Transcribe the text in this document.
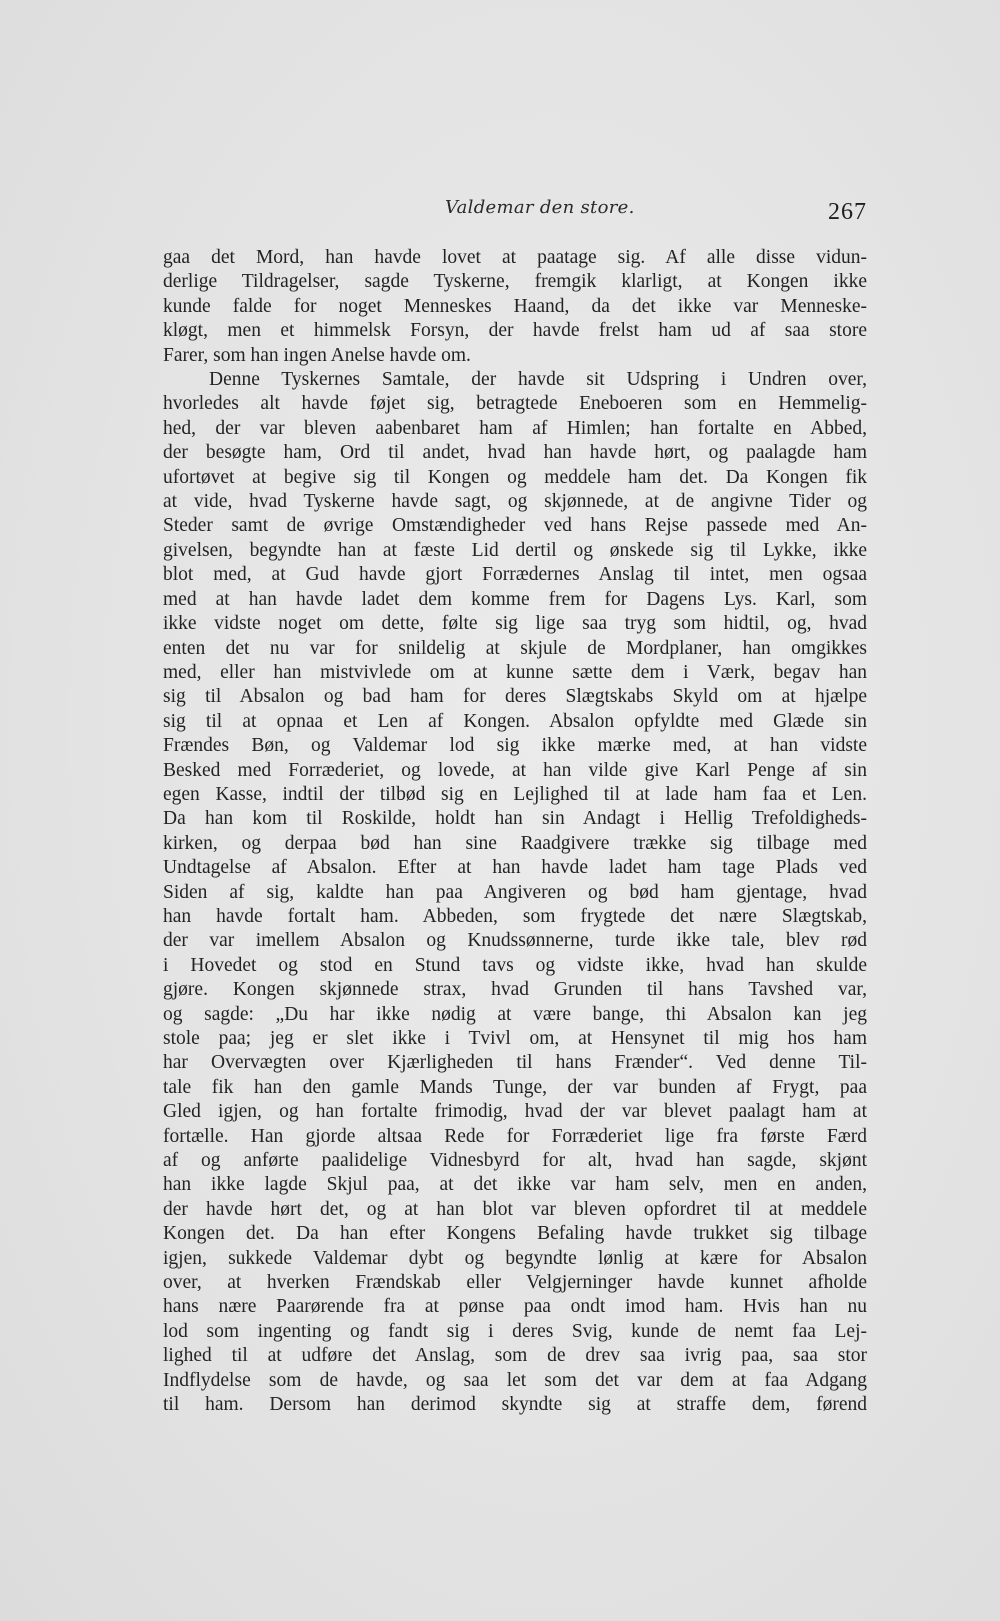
Valdemar den store.	267
gaa det Mord, han havde lovet at paatage sig. Af alle disse vidun-
derlige Tildragelser, sagde Tyskerne, fremgik klarligt, at Kongen ikke
kunde falde for noget Menneskes Haand, da det ikke var Menneske-
kløgt, men et himmelsk Forsyn, der havde frelst ham ud af saa store
Farer, som han ingen Anelse havde om.
Denne Tyskernes Samtale, der havde sit Udspring i Undren over,
hvorledes alt havde føjet sig, betragtede Eneboeren som en Hemmelig-
hed, der var bleven aabenbaret ham af Himlen; han fortalte en Abbed,
der besøgte ham, Ord til andet, hvad han havde hørt, og paalagde ham
ufortøvet at begive sig til Kongen og meddele ham det. Da Kongen fik
at vide, hvad Tyskerne havde sagt, og skjønnede, at de angivne Tider og
Steder samt de øvrige Omstændigheder ved hans Rejse passede med An-
givelsen, begyndte han at fæste Lid dertil og ønskede sig til Lykke, ikke
blot med, at Gud havde gjort Forrædernes Anslag til intet, men ogsaa
med at han havde ladet dem komme frem for Dagens Lys. Karl, som
ikke vidste noget om dette, følte sig lige saa tryg som hidtil, og, hvad
enten det nu var for snildelig at skjule de Mordplaner, han omgikkes
med, eller han mistvivlede om at kunne sætte dem i Værk, begav han
sig til Absalon og bad ham for deres Slægtskabs Skyld om at hjælpe
sig til at opnaa et Len af Kongen. Absalon opfyldte med Glæde sin
Frændes Bøn, og Valdemar lod sig ikke mærke med, at han vidste
Besked med Forræderiet, og lovede, at han vilde give Karl Penge af sin
egen Kasse, indtil der tilbød sig en Lejlighed til at lade ham faa et Len.
Da han kom til Roskilde, holdt han sin Andagt i Hellig Trefoldigheds-
kirken, og derpaa bød han sine Raadgivere trække sig tilbage med
Undtagelse af Absalon. Efter at han havde ladet ham tage Plads ved
Siden af sig, kaldte han paa Angiveren og bød ham gjentage, hvad
han havde fortalt ham. Abbeden, som frygtede det nære Slægtskab,
der var imellem Absalon og Knudssønnerne, turde ikke tale, blev rød
i Hovedet og stod en Stund tavs og vidste ikke, hvad han skulde
gjøre. Kongen skjønnede strax, hvad Grunden til hans Tavshed var,
og sagde: „Du har ikke nødig at være bange, thi Absalon kan jeg
stole paa; jeg er slet ikke i Tvivl om, at Hensynet til mig hos ham
har Overvægten over Kjærligheden til hans Frænder“. Ved denne Til-
tale fik han den gamle Mands Tunge, der var bunden af Frygt, paa
Gled igjen, og han fortalte frimodig, hvad der var blevet paalagt ham at
fortælle. Han gjorde altsaa Rede for Forræderiet lige fra første Færd
af og anførte paalidelige Vidnesbyrd for alt, hvad han sagde, skjønt
han ikke lagde Skjul paa, at det ikke var ham selv, men en anden,
der havde hørt det, og at han blot var bleven opfordret til at meddele
Kongen det. Da han efter Kongens Befaling havde trukket sig tilbage
igjen, sukkede Valdemar dybt og begyndte lønlig at kære for Absalon
over, at hverken Frændskab eller Velgjerninger havde kunnet afholde
hans nære Paarørende fra at pønse paa ondt imod ham. Hvis han nu
lod som ingenting og fandt sig i deres Svig, kunde de nemt faa Lej-
lighed til at udføre det Anslag, som de drev saa ivrig paa, saa stor
Indflydelse som de havde, og saa let som det var dem at faa Adgang
til ham. Dersom han derimod skyndte sig at straffe dem, førend
